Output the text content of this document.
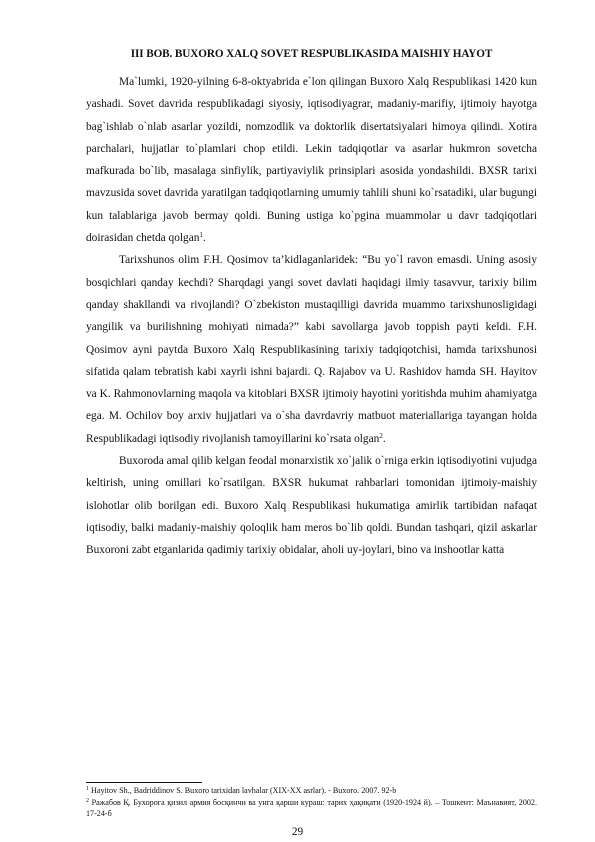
III BOB. BUXORO XALQ SOVET RESPUBLIKASIDA MAISHIY HAYOT

Ma`lumki, 1920-yilning 6-8-oktyabrida e`lon qilingan Buxoro Xalq Respublikasi 1420 kun yashadi. Sovet davrida respublikadagi siyosiy, iqtisodiyagrar, madaniy-marifiy, ijtimoiy hayotga bag`ishlab o`nlab asarlar yozildi, nomzodlik va doktorlik disertatsiyalari himoya qilindi. Xotira parchalari, hujjatlar to`plamlari chop etildi. Lekin tadqiqotlar va asarlar hukmron sovetcha mafkurada bo`lib, masalaga sinfiylik, partiyaviylik prinsiplari asosida yondashildi. BXSR tarixi mavzusida sovet davrida yaratilgan tadqiqotlarning umumiy tahlili shuni ko`rsatadiki, ular bugungi kun talablariga javob bermay qoldi. Buning ustiga ko`pgina muammolar u davr tadqiqotlari doirasidan chetda qolgan$^1$.

Tarixshunos olim F.H. Qosimov ta’kidlaganlaridek: “Bu yo`l ravon emasdi. Uning asosiy bosqichlari qanday kechdi? Sharqdagi yangi sovet davlati haqidagi ilmiy tasavvur, tarixiy bilim qanday shakllandi va rivojlandi? O`zbekiston mustaqilligi davrida muammo tarixshunosligidagi yangilik va burilishning mohiyati nimada?” kabi savollarga javob toppish payti keldi. F.H. Qosimov ayni paytda Buxoro Xalq Respublikasining tarixiy tadqiqotchisi, hamda tarixshunosi sifatida qalam tebratish kabi xayrli ishni bajardi. Q. Rajabov va U. Rashidov hamda SH. Hayitov va K. Rahmonovlarning maqola va kitoblari BXSR ijtimoiy hayotini yoritishda muhim ahamiyatga ega. M. Ochilov boy arxiv hujjatlari va o`sha davrdavriy matbuot materiallariga tayangan holda Respublikadagi iqtisodiy rivojlanish tamoyillarini ko`rsata olgan$^2$.

Buxoroda amal qilib kelgan feodal monarxistik xo`jalik o`rniga erkin iqtisodiyotini vujudga keltirish, uning omillari ko`rsatilgan. BXSR hukumat rahbarlari tomonidan ijtimoiy-maishiy islohotlar olib borilgan edi. Buxoro Xalq Respublikasi hukumatiga amirlik tartibidan nafaqat iqtisodiy, balki madaniy-maishiy qoloqlik ham meros bo`lib qoldi. Bundan tashqari, qizil askarlar Buxoroni zabt etganlarida qadimiy tarixiy obidalar, aholi uy-joylari, bino va inshootlar katta

$^1$ Hayitov Sh., Badriddinov S. Buxoro tarixidan lavhalar (XIX-XX asrlar). - Buxoro. 2007. 92-b
$^2$ Ражабов Қ. Бухорога қизил армия босқинчи ва унга қарши кураш: тарих ҳақиқати (1920-1924 й). – Тошкент: Маънавият, 2002. 17-24-б
29
